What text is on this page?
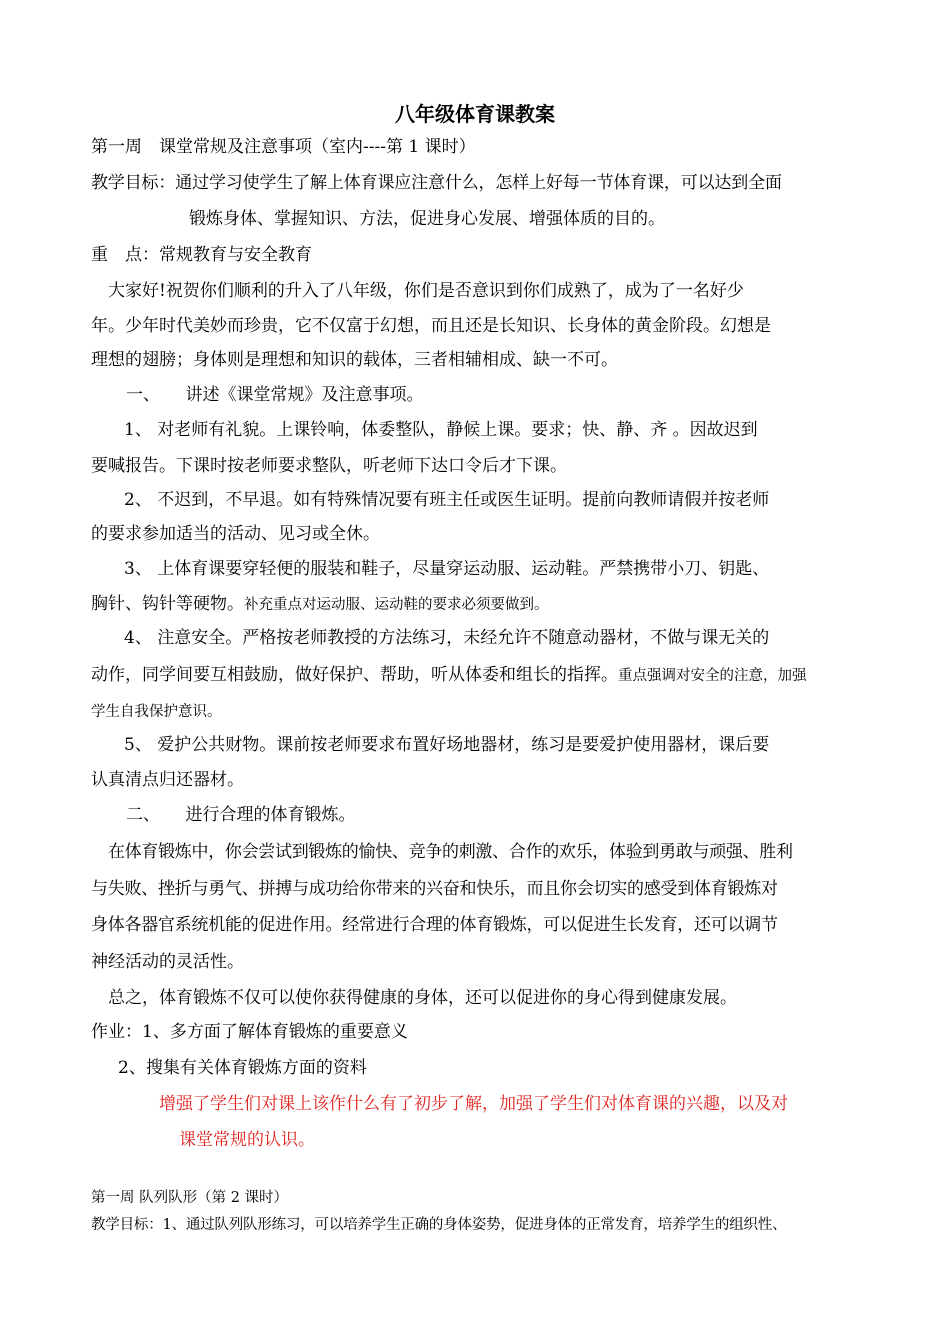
八年级体育课教案
第一周　课堂常规及注意事项（室内----第 1 课时）
教学目标：通过学习使学生了解上体育课应注意什么，怎样上好每一节体育课，可以达到全面
锻炼身体、掌握知识、方法，促进身心发展、增强体质的目的。
重　点：常规教育与安全教育
大家好!祝贺你们顺利的升入了八年级，你们是否意识到你们成熟了，成为了一名好少
年。少年时代美妙而珍贵，它不仅富于幻想，而且还是长知识、长身体的黄金阶段。幻想是
理想的翅膀；身体则是理想和知识的载体，三者相辅相成、缺一不可。
一、　　讲述《课堂常规》及注意事项。
1、 对老师有礼貌。上课铃响，体委整队，静候上课。要求；快、静、齐 。因故迟到
要喊报告。下课时按老师要求整队，听老师下达口令后才下课。
2、 不迟到，不早退。如有特殊情况要有班主任或医生证明。提前向教师请假并按老师
的要求参加适当的活动、见习或全休。
3、 上体育课要穿轻便的服装和鞋子，尽量穿运动服、运动鞋。严禁携带小刀、钥匙、
胸针、钩针等硬物。补充重点对运动服、运动鞋的要求必须要做到。
4、 注意安全。严格按老师教授的方法练习，未经允许不随意动器材，不做与课无关的
动作，同学间要互相鼓励，做好保护、帮助，听从体委和组长的指挥。重点强调对安全的注意，加强
学生自我保护意识。
5、 爱护公共财物。课前按老师要求布置好场地器材，练习是要爱护使用器材，课后要
认真清点归还器材。
二、　　进行合理的体育锻炼。
在体育锻炼中，你会尝试到锻炼的愉快、竞争的刺激、合作的欢乐，体验到勇敢与顽强、胜利
与失败、挫折与勇气、拼搏与成功给你带来的兴奋和快乐，而且你会切实的感受到体育锻炼对
身体各器官系统机能的促进作用。经常进行合理的体育锻炼，可以促进生长发育，还可以调节
神经活动的灵活性。
总之，体育锻炼不仅可以使你获得健康的身体，还可以促进你的身心得到健康发展。
作业：1、多方面了解体育锻炼的重要意义
2、搜集有关体育锻炼方面的资料
增强了学生们对课上该作什么有了初步了解，加强了学生们对体育课的兴趣，以及对
课堂常规的认识。
第一周 队列队形（第 2 课时）
教学目标：1、通过队列队形练习，可以培养学生正确的身体姿势，促进身体的正常发育，培养学生的组织性、
